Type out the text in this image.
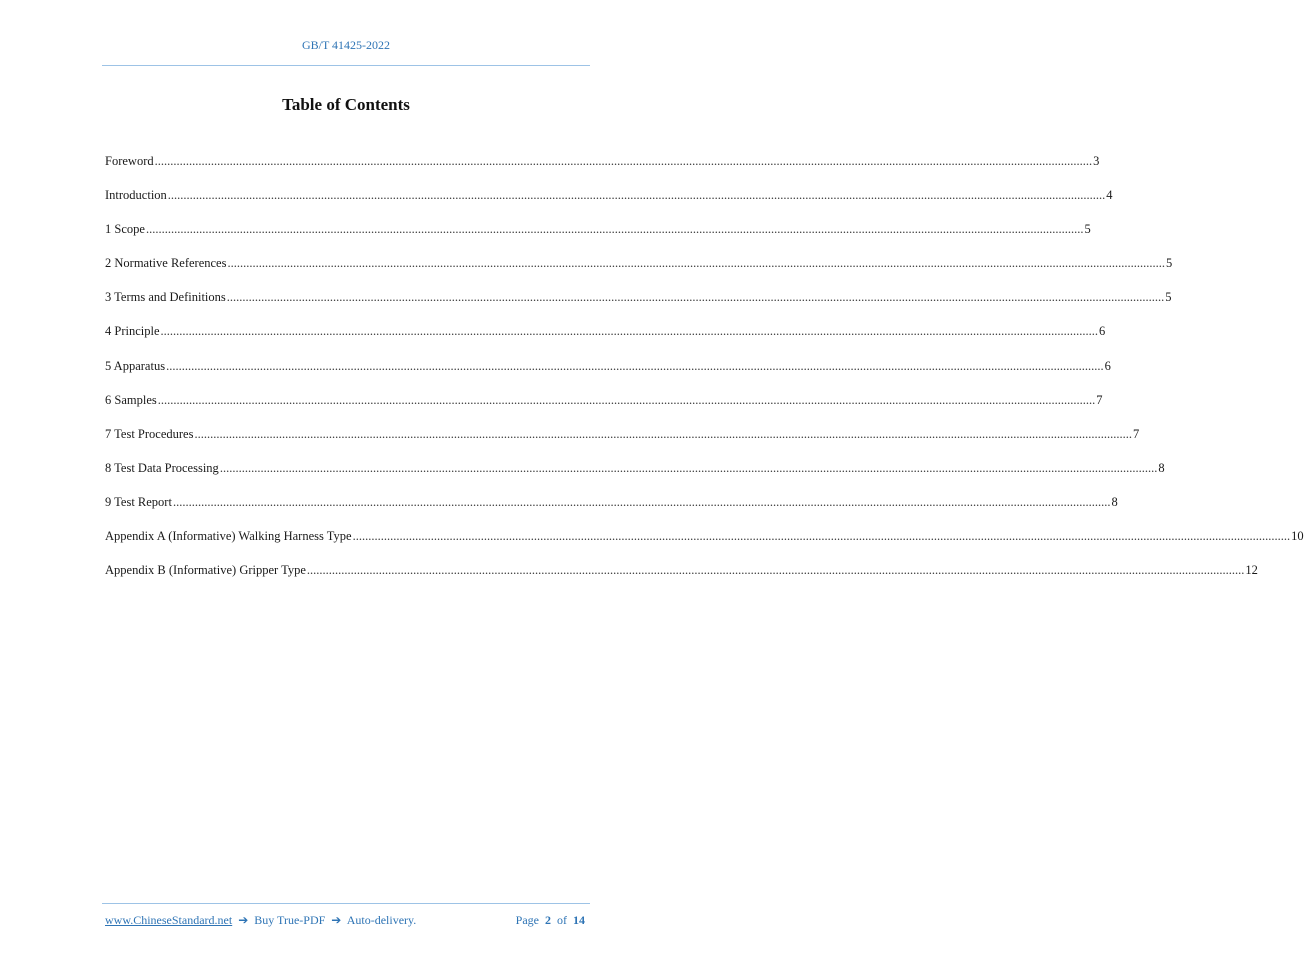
GB/T 41425-2022
Table of Contents
Foreword ............................................................................................................................................................................................................................................................................................................ 3
Introduction ............................................................................................................................................................................................................................................................................................................ 4
1 Scope ............................................................................................................................................................................................................................................................................................................ 5
2 Normative References ............................................................................................................................................................................................................................................................................................................ 5
3 Terms and Definitions ............................................................................................................................................................................................................................................................................................................ 5
4 Principle ............................................................................................................................................................................................................................................................................................................ 6
5 Apparatus ............................................................................................................................................................................................................................................................................................................ 6
6 Samples ............................................................................................................................................................................................................................................................................................................ 7
7 Test Procedures ............................................................................................................................................................................................................................................................................................................ 7
8 Test Data Processing ............................................................................................................................................................................................................................................................................................................ 8
9 Test Report ............................................................................................................................................................................................................................................................................................................ 8
Appendix A (Informative) Walking Harness Type ............................................................................................................................................................................................................................................................................................................ 10
Appendix B (Informative) Gripper Type ............................................................................................................................................................................................................................................................................................................ 12
www.ChineseStandard.net ➔ Buy True-PDF ➔ Auto-delivery.	Page 2 of 14
